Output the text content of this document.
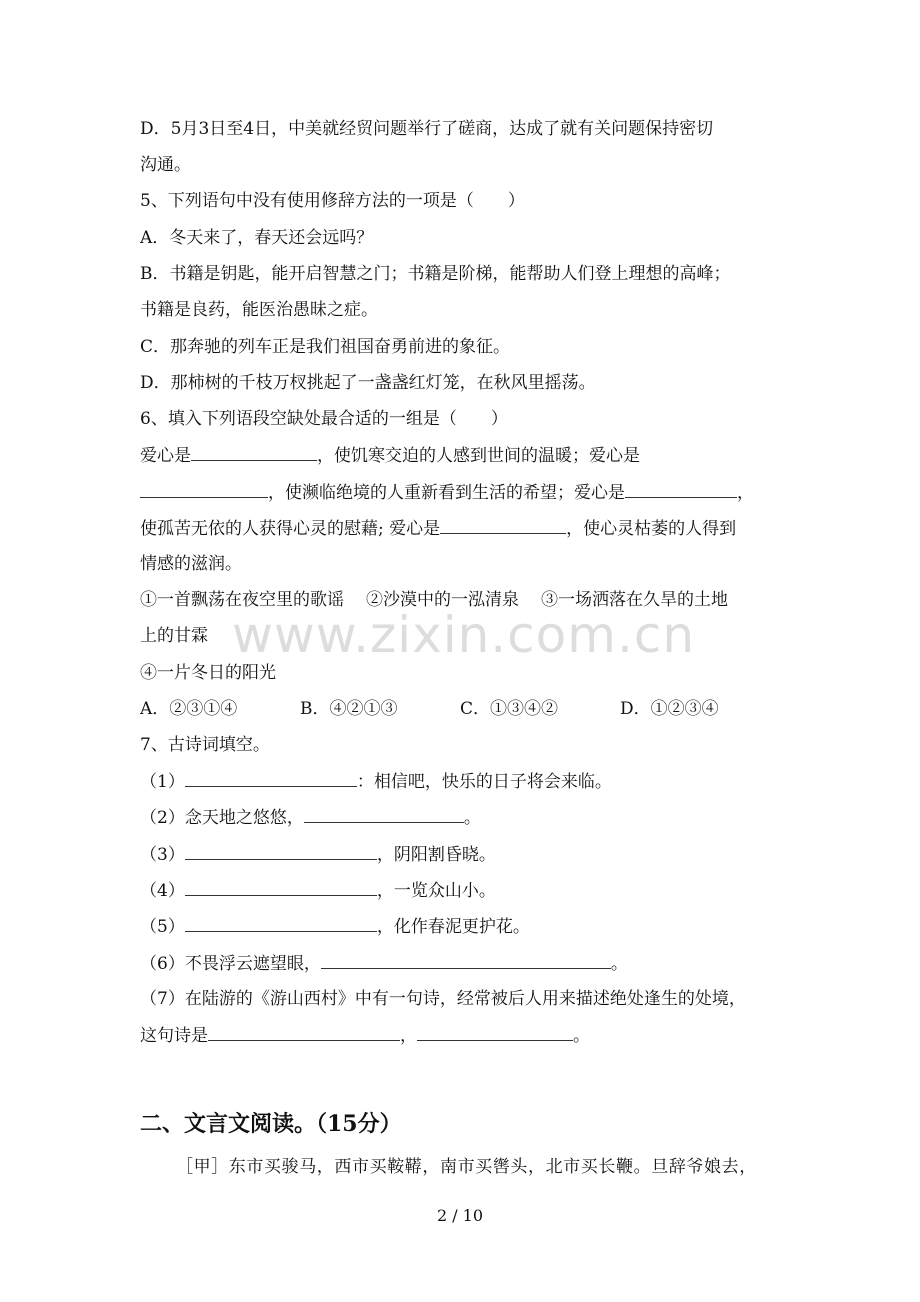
www.zixin.com.cn
D．5月3日至4日，中美就经贸问题举行了磋商，达成了就有关问题保持密切
沟通。
5、下列语句中没有使用修辞方法的一项是（　　）
A．冬天来了，春天还会远吗？
B．书籍是钥匙，能开启智慧之门；书籍是阶梯，能帮助人们登上理想的高峰；
书籍是良药，能医治愚昧之症。
C．那奔驰的列车正是我们祖国奋勇前进的象征。
D．那柿树的千枝万杈挑起了一盏盏红灯笼，在秋风里摇荡。
6、填入下列语段空缺处最合适的一组是（　　）
爱心是	，使饥寒交迫的人感到世间的温暖；爱心是
，使濒临绝境的人重新看到生活的希望；爱心是	，
使孤苦无依的人获得心灵的慰藉; 爱心是	，使心灵枯萎的人得到
情感的滋润。
①一首飘荡在夜空里的歌谣 ②沙漠中的一泓清泉 ③一场洒落在久旱的土地
上的甘霖
④一片冬日的阳光
A．②③①④	B．④②①③	C．①③④②	D．①②③④
7、古诗词填空。
（1）	：相信吧，快乐的日子将会来临。
（2）念天地之悠悠，	。
（3）	，阴阳割昏晓。
（4）	，一览众山小。
（5）	，化作春泥更护花。
（6）不畏浮云遮望眼，	。
（7）在陆游的《游山西村》中有一句诗，经常被后人用来描述绝处逢生的处境，
这句诗是	，	。
二、文言文阅读。（15分）
［甲］东市买骏马，西市买鞍鞯，南市买辔头，北市买长鞭。旦辞爷娘去，
2 / 10
